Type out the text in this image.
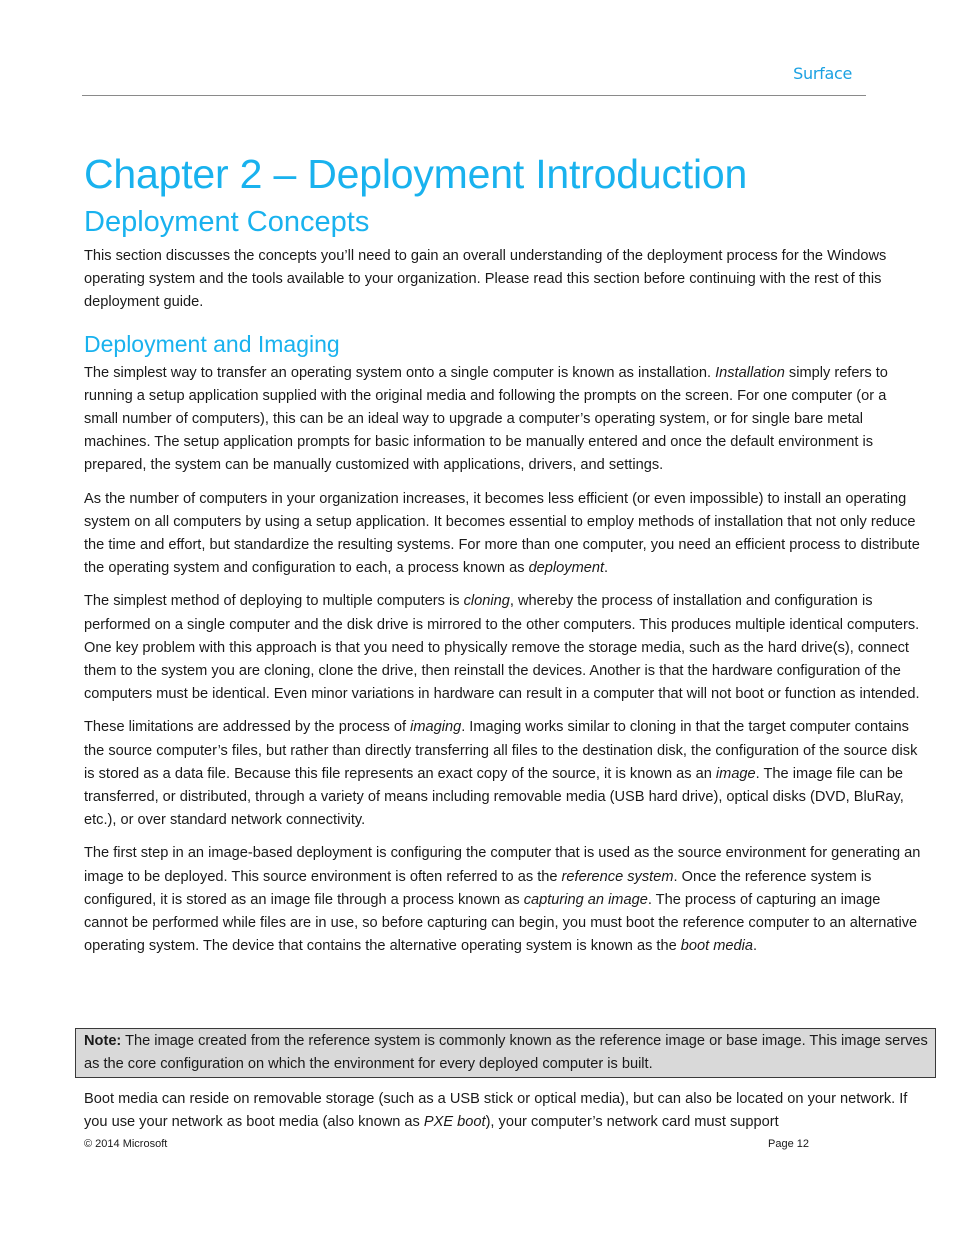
Surface
Chapter 2 – Deployment Introduction
Deployment Concepts

This section discusses the concepts you’ll need to gain an overall understanding of the deployment process for the Windows operating system and the tools available to your organization. Please read this section before continuing with the rest of this deployment guide.

Deployment and Imaging

The simplest way to transfer an operating system onto a single computer is known as installation. Installation simply refers to running a setup application supplied with the original media and following the prompts on the screen. For one computer (or a small number of computers), this can be an ideal way to upgrade a computer’s operating system, or for single bare metal machines. The setup application prompts for basic information to be manually entered and once the default environment is prepared, the system can be manually customized with applications, drivers, and settings.

As the number of computers in your organization increases, it becomes less efficient (or even impossible) to install an operating system on all computers by using a setup application. It becomes essential to employ methods of installation that not only reduce the time and effort, but standardize the resulting systems. For more than one computer, you need an efficient process to distribute the operating system and configuration to each, a process known as deployment.

The simplest method of deploying to multiple computers is cloning, whereby the process of installation and configuration is performed on a single computer and the disk drive is mirrored to the other computers. This produces multiple identical computers. One key problem with this approach is that you need to physically remove the storage media, such as the hard drive(s), connect them to the system you are cloning, clone the drive, then reinstall the devices. Another is that the hardware configuration of the computers must be identical. Even minor variations in hardware can result in a computer that will not boot or function as intended.

These limitations are addressed by the process of imaging. Imaging works similar to cloning in that the target computer contains the source computer’s files, but rather than directly transferring all files to the destination disk, the configuration of the source disk is stored as a data file. Because this file represents an exact copy of the source, it is known as an image. The image file can be transferred, or distributed, through a variety of means including removable media (USB hard drive), optical disks (DVD, BluRay, etc.), or over standard network connectivity.

The first step in an image-based deployment is configuring the computer that is used as the source environment for generating an image to be deployed. This source environment is often referred to as the reference system. Once the reference system is configured, it is stored as an image file through a process known as capturing an image. The process of capturing an image cannot be performed while files are in use, so before capturing can begin, you must boot the reference computer to an alternative operating system. The device that contains the alternative operating system is known as the boot media.

Note: The image created from the reference system is commonly known as the reference image or base image. This image serves as the core configuration on which the environment for every deployed computer is built.

Boot media can reside on removable storage (such as a USB stick or optical media), but can also be located on your network. If you use your network as boot media (also known as PXE boot), your computer’s network card must support

© 2014 Microsoft	Page 12
